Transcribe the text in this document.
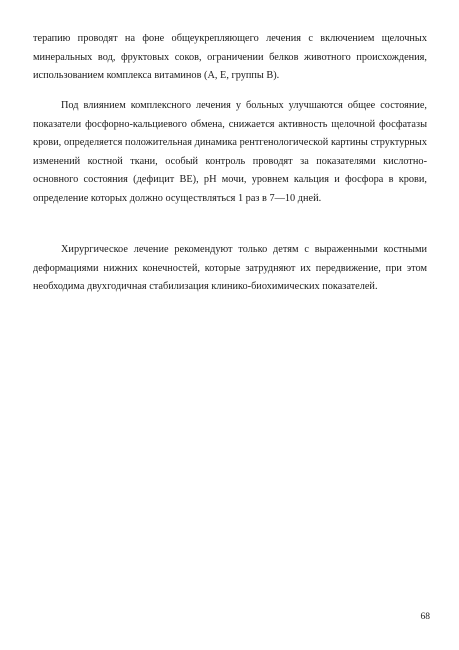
терапию проводят на фоне общеукрепляющего лечения с включением щелочных минеральных вод, фруктовых соков, ограничении белков животного происхождения, использованием комплекса витаминов (А, Е, группы В).

Под влиянием комплексного лечения у больных улучшаются общее состояние, показатели фосфорно-кальциевого обмена, снижается активность щелочной фосфатазы крови, определяется положительная динамика рентгенологической картины структурных изменений костной ткани, особый контроль проводят за показателями кислотно-основного состояния (дефицит ВЕ), рН мочи, уровнем кальция и фосфора в крови, определение которых должно осуществляться 1 раз в 7—10 дней.

Хирургическое лечение рекомендуют только детям с выраженными костными деформациями нижних конечностей, которые затрудняют их передвижение, при этом необходима двухгодичная стабилизация клинико-биохимических показателей.

68
